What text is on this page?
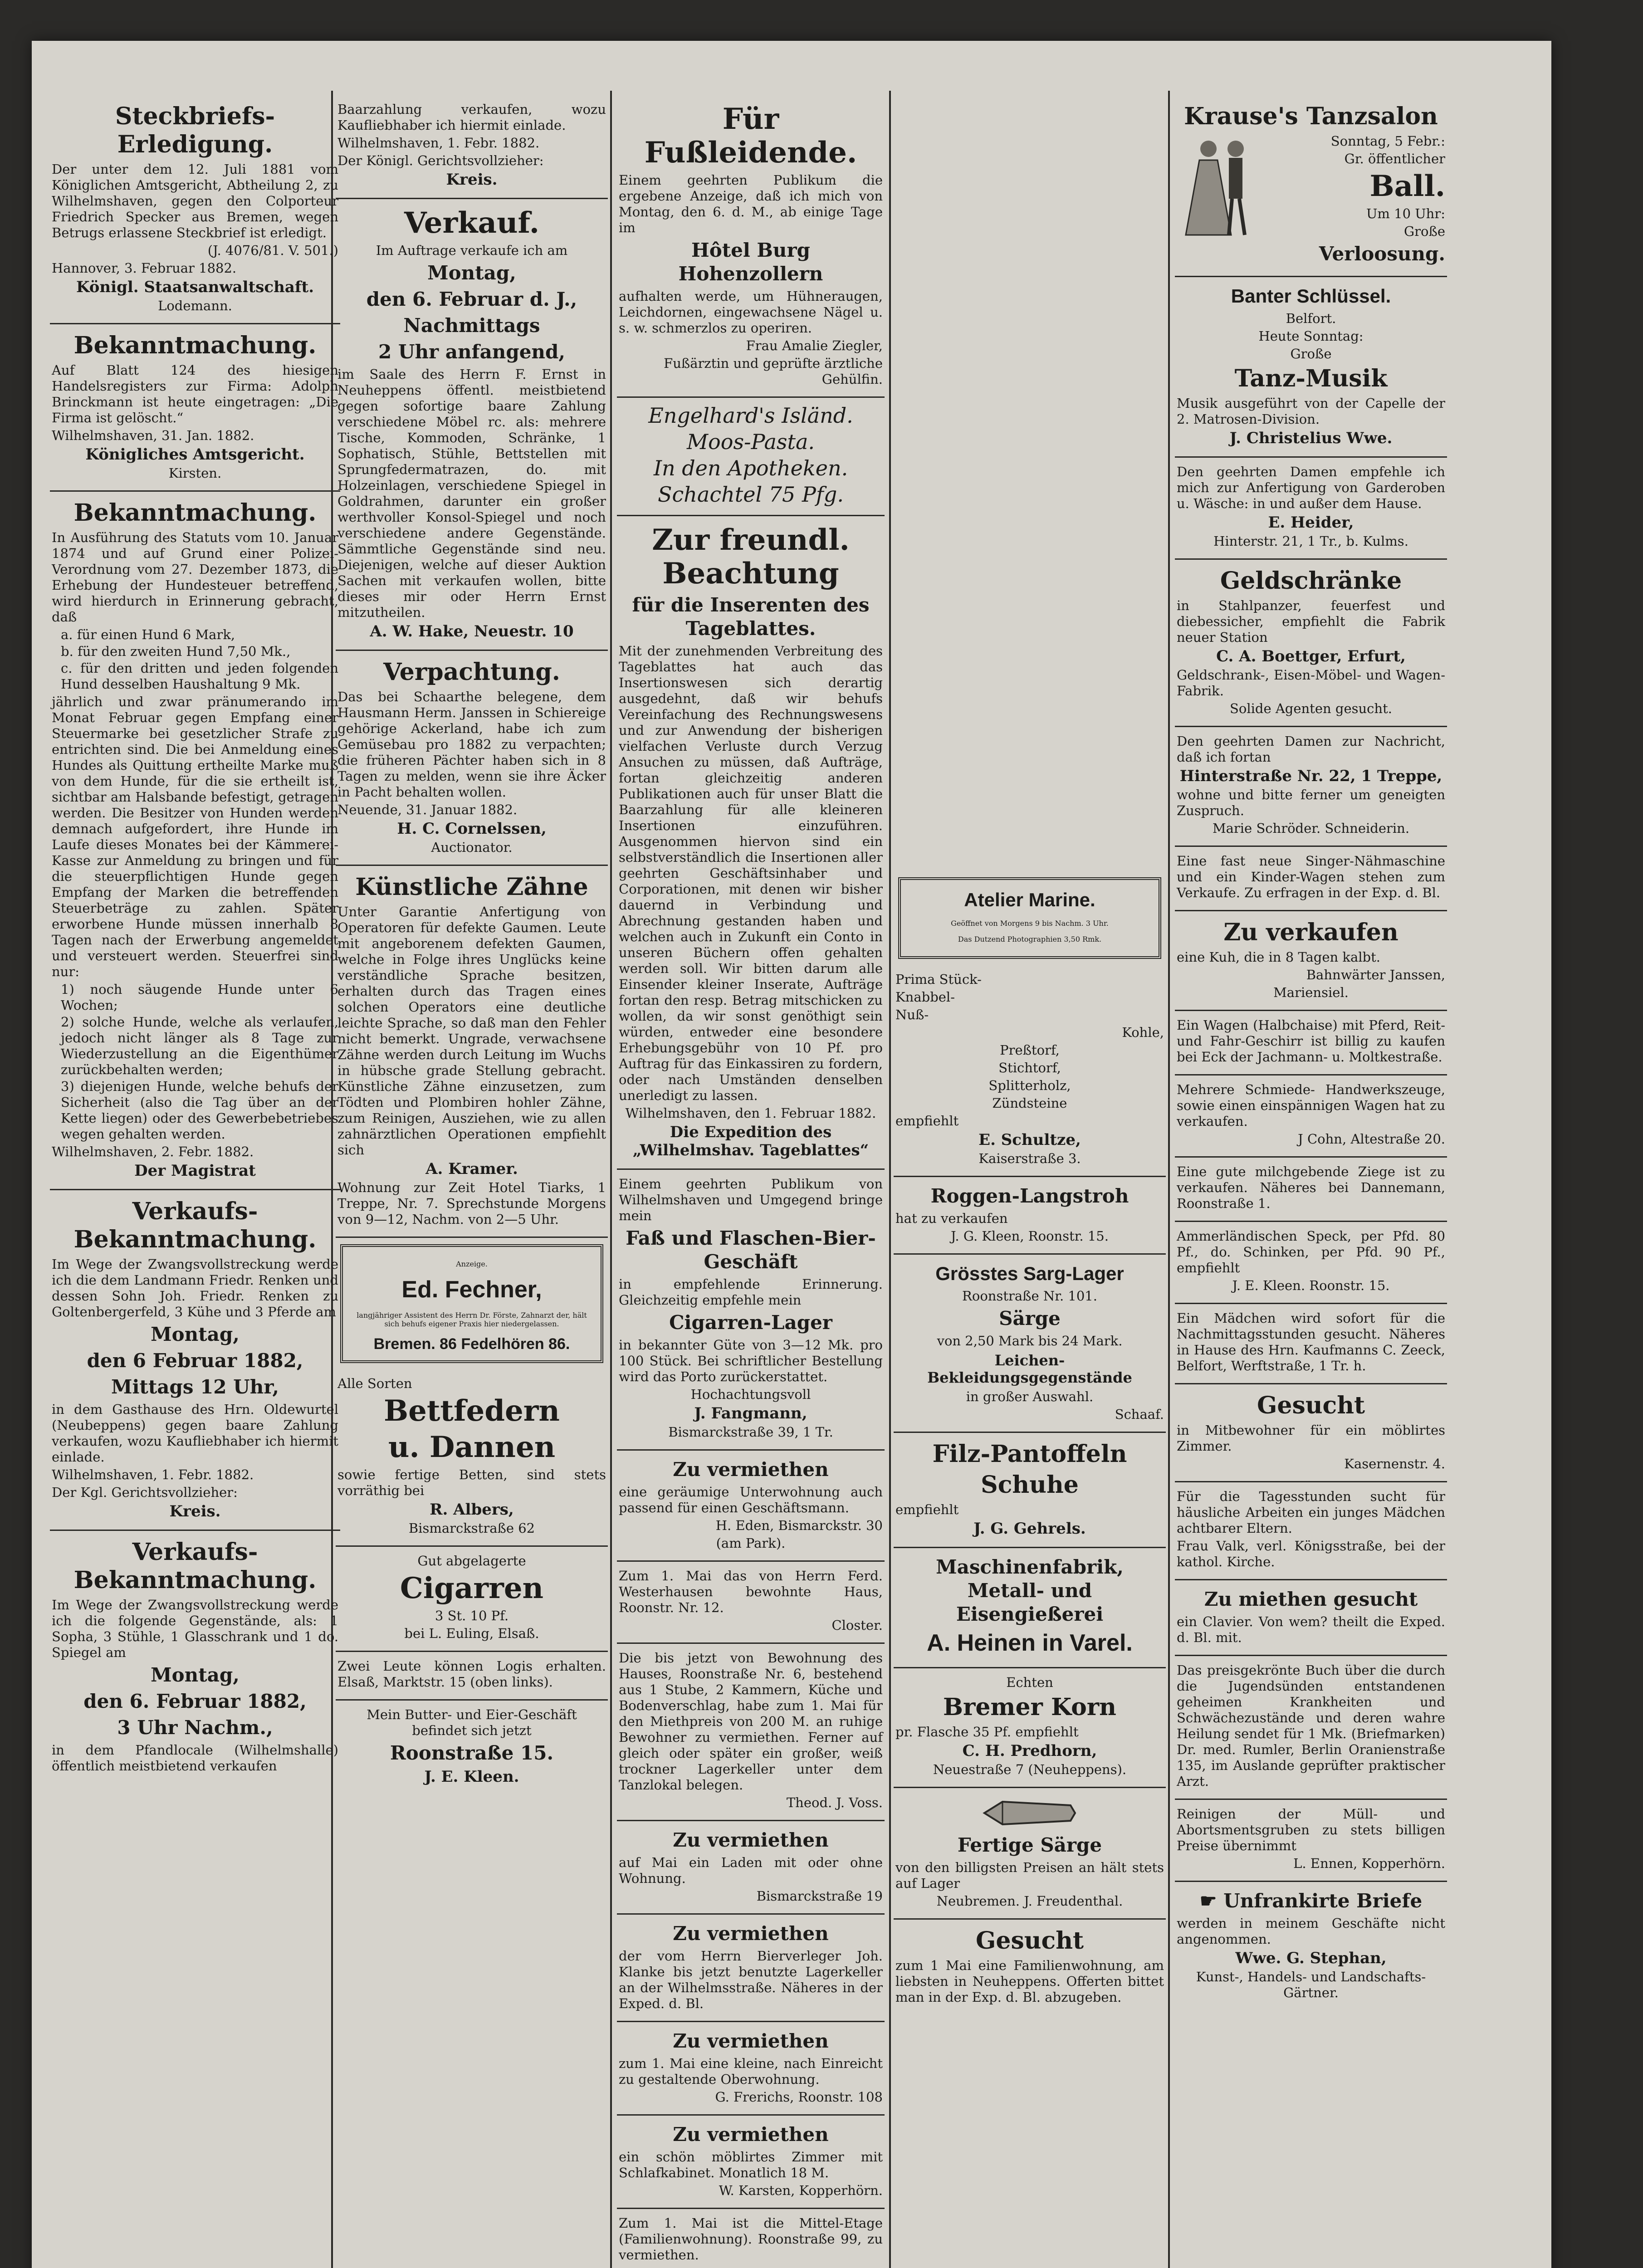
Steckbriefs-Erledigung.

Der unter dem 12. Juli 1881 vom Königlichen Amtsgericht, Abtheilung 2, zu Wilhelmshaven, gegen den Colporteur Friedrich Specker aus Bremen, wegen Betrugs erlassene Steckbrief ist erledigt.

(J. 4076/81. V. 501.)

Hannover, 3. Februar 1882.

Königl. Staatsanwaltschaft.

Lodemann.

Bekanntmachung.

Auf Blatt 124 des hiesigen Handelsregisters zur Firma: Adolph Brinckmann ist heute eingetragen: „Die Firma ist gelöscht.“

Wilhelmshaven, 31. Jan. 1882.

Königliches Amtsgericht.

Kirsten.

Bekanntmachung.

In Ausführung des Statuts vom 10. Januar 1874 und auf Grund einer Polizei-Verordnung vom 27. Dezember 1873, die Erhebung der Hundesteuer betreffend, wird hierdurch in Erinnerung gebracht, daß

a. für einen Hund 6 Mark,

b. für den zweiten Hund 7,50 Mk.,

c. für den dritten und jeden folgenden Hund desselben Haushaltung 9 Mk.

jährlich und zwar pränumerando im Monat Februar gegen Empfang einer Steuermarke bei gesetzlicher Strafe zu entrichten sind. Die bei Anmeldung eines Hundes als Quittung ertheilte Marke muß von dem Hunde, für die sie ertheilt ist, sichtbar am Halsbande befestigt, getragen werden. Die Besitzer von Hunden werden demnach aufgefordert, ihre Hunde im Laufe dieses Monates bei der Kämmerei-Kasse zur Anmeldung zu bringen und für die steuerpflichtigen Hunde gegen Empfang der Marken die betreffenden Steuerbeträge zu zahlen. Später erworbene Hunde müssen innerhalb 8 Tagen nach der Erwerbung angemeldet und versteuert werden. Steuerfrei sind nur:

1) noch säugende Hunde unter 6 Wochen;

2) solche Hunde, welche als verlaufen, jedoch nicht länger als 8 Tage zur Wiederzustellung an die Eigenthümer zurückbehalten werden;

3) diejenigen Hunde, welche behufs der Sicherheit (also die Tag über an der Kette liegen) oder des Gewerbebetriebes wegen gehalten werden.

Wilhelmshaven, 2. Febr. 1882.

Der Magistrat
Verkaufs-Bekanntmachung.

Im Wege der Zwangsvollstreckung werde ich die dem Landmann Friedr. Renken und dessen Sohn Joh. Friedr. Renken zu Goltenbergerfeld, 3 Kühe und 3 Pferde am

Montag,
den 6 Februar 1882,
Mittags 12 Uhr,

in dem Gasthause des Hrn. Oldewurtel (Neubeppens) gegen baare Zahlung verkaufen, wozu Kaufliebhaber ich hiermit einlade.

Wilhelmshaven, 1. Febr. 1882.

Der Kgl. Gerichtsvollzieher:

Kreis.
Verkaufs-Bekanntmachung.

Im Wege der Zwangsvollstreckung werde ich die folgende Gegenstände, als: 1 Sopha, 3 Stühle, 1 Glasschrank und 1 do. Spiegel am

Montag,
den 6. Februar 1882,
3 Uhr Nachm.,

in dem Pfandlocale (Wilhelmshalle) öffentlich meistbietend verkaufen

Baarzahlung verkaufen, wozu Kaufliebhaber ich hiermit einlade.

Wilhelmshaven, 1. Febr. 1882.

Der Königl. Gerichtsvollzieher:

Kreis.
Verkauf.

Im Auftrage verkaufe ich am

Montag,
den 6. Februar d. J.,
Nachmittags
2 Uhr anfangend,

im Saale des Herrn F. Ernst in Neuheppens öffentl. meistbietend gegen sofortige baare Zahlung verschiedene Möbel rc. als: mehrere Tische, Kommoden, Schränke, 1 Sophatisch, Stühle, Bettstellen mit Sprungfedermatrazen, do. mit Holzeinlagen, verschiedene Spiegel in Goldrahmen, darunter ein großer werthvoller Konsol-Spiegel und noch verschiedene andere Gegenstände. Sämmtliche Gegenstände sind neu. Diejenigen, welche auf dieser Auktion Sachen mit verkaufen wollen, bitte dieses mir oder Herrn Ernst mitzutheilen.

A. W. Hake, Neuestr. 10
Verpachtung.

Das bei Schaarthe belegene, dem Hausmann Herm. Janssen in Schiereige gehörige Ackerland, habe ich zum Gemüsebau pro 1882 zu verpachten; die früheren Pächter haben sich in 8 Tagen zu melden, wenn sie ihre Äcker in Pacht behalten wollen.

Neuende, 31. Januar 1882.

H. C. Cornelssen,

Auctionator.

Künstliche Zähne

Unter Garantie Anfertigung von Operatoren für defekte Gaumen. Leute mit angeborenem defekten Gaumen, welche in Folge ihres Unglücks keine verständliche Sprache besitzen, erhalten durch das Tragen eines solchen Operators eine deutliche leichte Sprache, so daß man den Fehler nicht bemerkt. Ungrade, verwachsene Zähne werden durch Leitung im Wuchs in hübsche grade Stellung gebracht. Künstliche Zähne einzusetzen, zum Tödten und Plombiren hohler Zähne, zum Reinigen, Ausziehen, wie zu allen zahnärztlichen Operationen empfiehlt sich

A. Kramer.

Wohnung zur Zeit Hotel Tiarks, 1 Treppe, Nr. 7. Sprechstunde Morgens von 9—12, Nachm. von 2—5 Uhr.

Anzeige.

Ed. Fechner,

langjähriger Assistent des Herrn Dr. Förste, Zahnarzt der, hält sich behufs eigener Praxis hier niedergelassen.

Bremen. 86 Fedelhören 86.

Alle Sorten

Bettfedern
u. Dannen

sowie fertige Betten, sind stets vorräthig bei

R. Albers,

Bismarckstraße 62

Gut abgelagerte

Cigarren

3 St. 10 Pf.

bei L. Euling, Elsaß.

Zwei Leute können Logis erhalten. Elsaß, Marktstr. 15 (oben links).

Mein Butter- und Eier-Geschäft befindet sich jetzt

Roonstraße 15.
J. E. Kleen.
Für Fußleidende.

Einem geehrten Publikum die ergebene Anzeige, daß ich mich von Montag, den 6. d. M., ab einige Tage im

Hôtel Burg Hohenzollern

aufhalten werde, um Hühneraugen, Leichdornen, eingewachsene Nägel u. s. w. schmerzlos zu operiren.

Frau Amalie Ziegler,

Fußärztin und geprüfte ärztliche Gehülfin.

Engelhard's Isländ. Moos-Pasta.
In den Apotheken. Schachtel 75 Pfg.
Zur freundl. Beachtung
für die Inserenten des Tageblattes.

Mit der zunehmenden Verbreitung des Tageblattes hat auch das Insertionswesen sich derartig ausgedehnt, daß wir behufs Vereinfachung des Rechnungswesens und zur Anwendung der bisherigen vielfachen Verluste durch Verzug Ansuchen zu müssen, daß Aufträge, fortan gleichzeitig anderen Publikationen auch für unser Blatt die Baarzahlung für alle kleineren Insertionen einzuführen. Ausgenommen hiervon sind ein selbstverständlich die Insertionen aller geehrten Geschäftsinhaber und Corporationen, mit denen wir bisher dauernd in Verbindung und Abrechnung gestanden haben und welchen auch in Zukunft ein Conto in unseren Büchern offen gehalten werden soll. Wir bitten darum alle Einsender kleiner Inserate, Aufträge fortan den resp. Betrag mitschicken zu wollen, da wir sonst genöthigt sein würden, entweder eine besondere Erhebungsgebühr von 10 Pf. pro Auftrag für das Einkassiren zu fordern, oder nach Umständen denselben unerledigt zu lassen.

Wilhelmshaven, den 1. Februar 1882.

Die Expedition des „Wilhelmshav. Tageblattes“

Einem geehrten Publikum von Wilhelmshaven und Umgegend bringe mein

Faß und Flaschen-Bier-Geschäft

in empfehlende Erinnerung. Gleichzeitig empfehle mein

Cigarren-Lager

in bekannter Güte von 3—12 Mk. pro 100 Stück. Bei schriftlicher Bestellung wird das Porto zurückerstattet.

Hochachtungsvoll

J. Fangmann,

Bismarckstraße 39, 1 Tr.

Zu vermiethen

eine geräumige Unterwohnung auch passend für einen Geschäftsmann.

H. Eden, Bismarckstr. 30

(am Park).

Zum 1. Mai das von Herrn Ferd. Westerhausen bewohnte Haus, Roonstr. Nr. 12.

Closter.

Die bis jetzt von Bewohnung des Hauses, Roonstraße Nr. 6, bestehend aus 1 Stube, 2 Kammern, Küche und Bodenverschlag, habe zum 1. Mai für den Miethpreis von 200 M. an ruhige Bewohner zu vermiethen. Ferner auf gleich oder später ein großer, weiß trockner Lagerkeller unter dem Tanzlokal belegen.

Theod. J. Voss.

Zu vermiethen

auf Mai ein Laden mit oder ohne Wohnung.

Bismarckstraße 19

Zu vermiethen

der vom Herrn Bierverleger Joh. Klanke bis jetzt benutzte Lagerkeller an der Wilhelmsstraße. Näheres in der Exped. d. Bl.

Zu vermiethen

zum 1. Mai eine kleine, nach Einreicht zu gestaltende Oberwohnung.

G. Frerichs, Roonstr. 108

Zu vermiethen

ein schön möblirtes Zimmer mit Schlafkabinet. Monatlich 18 M.

W. Karsten, Kopperhörn.

Zum 1. Mai ist die Mittel-Etage (Familienwohnung). Roonstraße 99, zu vermiethen.

Atelier Marine.

Geöffnet von Morgens 9 bis Nachm. 3 Uhr.

Das Dutzend Photographien 3,50 Rmk.

Prima Stück-

Knabbel-

Nuß-

Kohle,

Preßtorf,

Stichtorf,

Splitterholz,

Zündsteine

empfiehlt

E. Schultze,

Kaiserstraße 3.

Roggen-Langstroh

hat zu verkaufen

J. G. Kleen, Roonstr. 15.

Grösstes Sarg-Lager

Roonstraße Nr. 101.

Särge

von 2,50 Mark bis 24 Mark.

Leichen-Bekleidungsgegenstände

in großer Auswahl.

Schaaf.

Filz-Pantoffeln
Schuhe

empfiehlt

J. G. Gehrels.
Maschinenfabrik, Metall- und Eisengießerei
A. Heinen in Varel.

Echten

Bremer Korn

pr. Flasche 35 Pf. empfiehlt

C. H. Predhorn,

Neuestraße 7 (Neuheppens).

Fertige Särge

von den billigsten Preisen an hält stets auf Lager

Neubremen. J. Freudenthal.

Gesucht

zum 1 Mai eine Familienwohnung, am liebsten in Neuheppens. Offerten bittet man in der Exp. d. Bl. abzugeben.

Krause's Tanzsalon

Sonntag, 5 Febr.:

Gr. öffentlicher

Ball.

Um 10 Uhr:

Große

Verloosung.
Banter Schlüssel.

Belfort.

Heute Sonntag:

Große

Tanz-Musik

Musik ausgeführt von der Capelle der 2. Matrosen-Division.

J. Christelius Wwe.

Den geehrten Damen empfehle ich mich zur Anfertigung von Garderoben u. Wäsche: in und außer dem Hause.

E. Heider,

Hinterstr. 21, 1 Tr., b. Kulms.

Geldschränke

in Stahlpanzer, feuerfest und diebessicher, empfiehlt die Fabrik neuer Station

C. A. Boettger, Erfurt,

Geldschrank-, Eisen-Möbel- und Wagen-Fabrik.

Solide Agenten gesucht.

Den geehrten Damen zur Nachricht, daß ich fortan

Hinterstraße Nr. 22, 1 Treppe,

wohne und bitte ferner um geneigten Zuspruch.

Marie Schröder. Schneiderin.

Eine fast neue Singer-Nähmaschine und ein Kinder-Wagen stehen zum Verkaufe. Zu erfragen in der Exp. d. Bl.

Zu verkaufen

eine Kuh, die in 8 Tagen kalbt.

Bahnwärter Janssen,

Mariensiel.

Ein Wagen (Halbchaise) mit Pferd, Reit- und Fahr-Geschirr ist billig zu kaufen bei Eck der Jachmann- u. Moltkestraße.

Mehrere Schmiede- Handwerkszeuge, sowie einen einspännigen Wagen hat zu verkaufen.

J Cohn, Altestraße 20.

Eine gute milchgebende Ziege ist zu verkaufen. Näheres bei Dannemann, Roonstraße 1.

Ammerländischen Speck, per Pfd. 80 Pf., do. Schinken, per Pfd. 90 Pf., empfiehlt

J. E. Kleen. Roonstr. 15.

Ein Mädchen wird sofort für die Nachmittagsstunden gesucht. Näheres in Hause des Hrn. Kaufmanns C. Zeeck, Belfort, Werftstraße, 1 Tr. h.

Gesucht

in Mitbewohner für ein möblirtes Zimmer.

Kasernenstr. 4.

Für die Tagesstunden sucht für häusliche Arbeiten ein junges Mädchen achtbarer Eltern.

Frau Valk, verl. Königsstraße, bei der kathol. Kirche.

Zu miethen gesucht

ein Clavier. Von wem? theilt die Exped. d. Bl. mit.

Das preisgekrönte Buch über die durch die Jugendsünden entstandenen geheimen Krankheiten und Schwächezustände und deren wahre Heilung sendet für 1 Mk. (Briefmarken) Dr. med. Rumler, Berlin Oranienstraße 135, im Auslande geprüfter praktischer Arzt.

Reinigen der Müll- und Abortsmentsgruben zu stets billigen Preise übernimmt

L. Ennen, Kopperhörn.

☛ Unfrankirte Briefe

werden in meinem Geschäfte nicht angenommen.

Wwe. G. Stephan,

Kunst-, Handels- und Landschafts-Gärtner.
